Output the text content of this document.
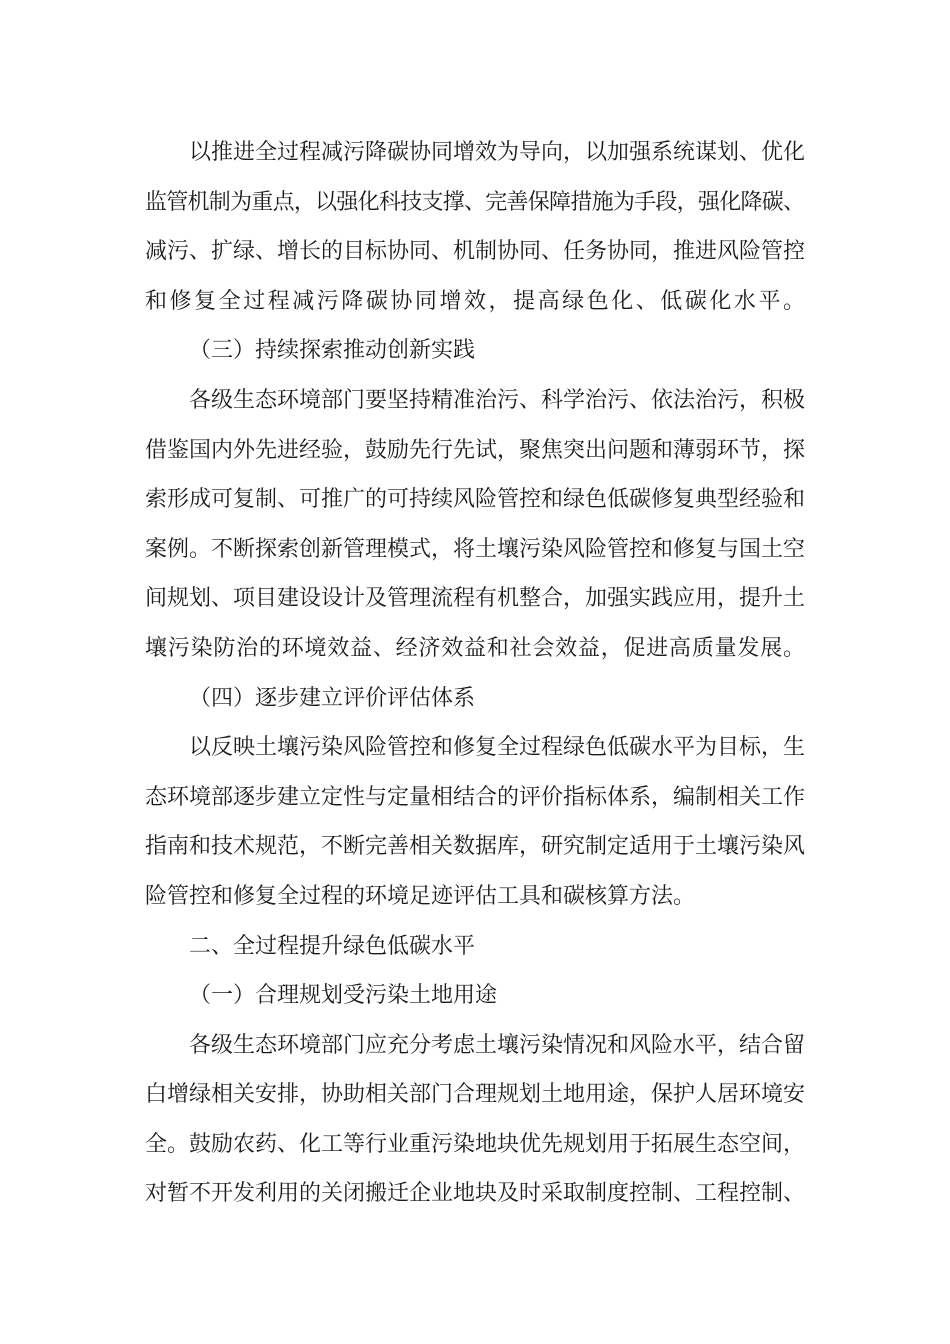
以推进全过程减污降碳协同增效为导向，以加强系统谋划、优化
监管机制为重点，以强化科技支撑、完善保障措施为手段，强化降碳、
减污、扩绿、增长的目标协同、机制协同、任务协同，推进风险管控
和修复全过程减污降碳协同增效，提高绿色化、低碳化水平。
（三）持续探索推动创新实践
各级生态环境部门要坚持精准治污、科学治污、依法治污，积极
借鉴国内外先进经验，鼓励先行先试，聚焦突出问题和薄弱环节，探
索形成可复制、可推广的可持续风险管控和绿色低碳修复典型经验和
案例。不断探索创新管理模式，将土壤污染风险管控和修复与国土空
间规划、项目建设设计及管理流程有机整合，加强实践应用，提升土
壤污染防治的环境效益、经济效益和社会效益，促进高质量发展。
（四）逐步建立评价评估体系
以反映土壤污染风险管控和修复全过程绿色低碳水平为目标，生
态环境部逐步建立定性与定量相结合的评价指标体系，编制相关工作
指南和技术规范，不断完善相关数据库，研究制定适用于土壤污染风
险管控和修复全过程的环境足迹评估工具和碳核算方法。
二、全过程提升绿色低碳水平
（一）合理规划受污染土地用途
各级生态环境部门应充分考虑土壤污染情况和风险水平，结合留
白增绿相关安排，协助相关部门合理规划土地用途，保护人居环境安
全。鼓励农药、化工等行业重污染地块优先规划用于拓展生态空间，
对暂不开发利用的关闭搬迁企业地块及时采取制度控制、工程控制、
